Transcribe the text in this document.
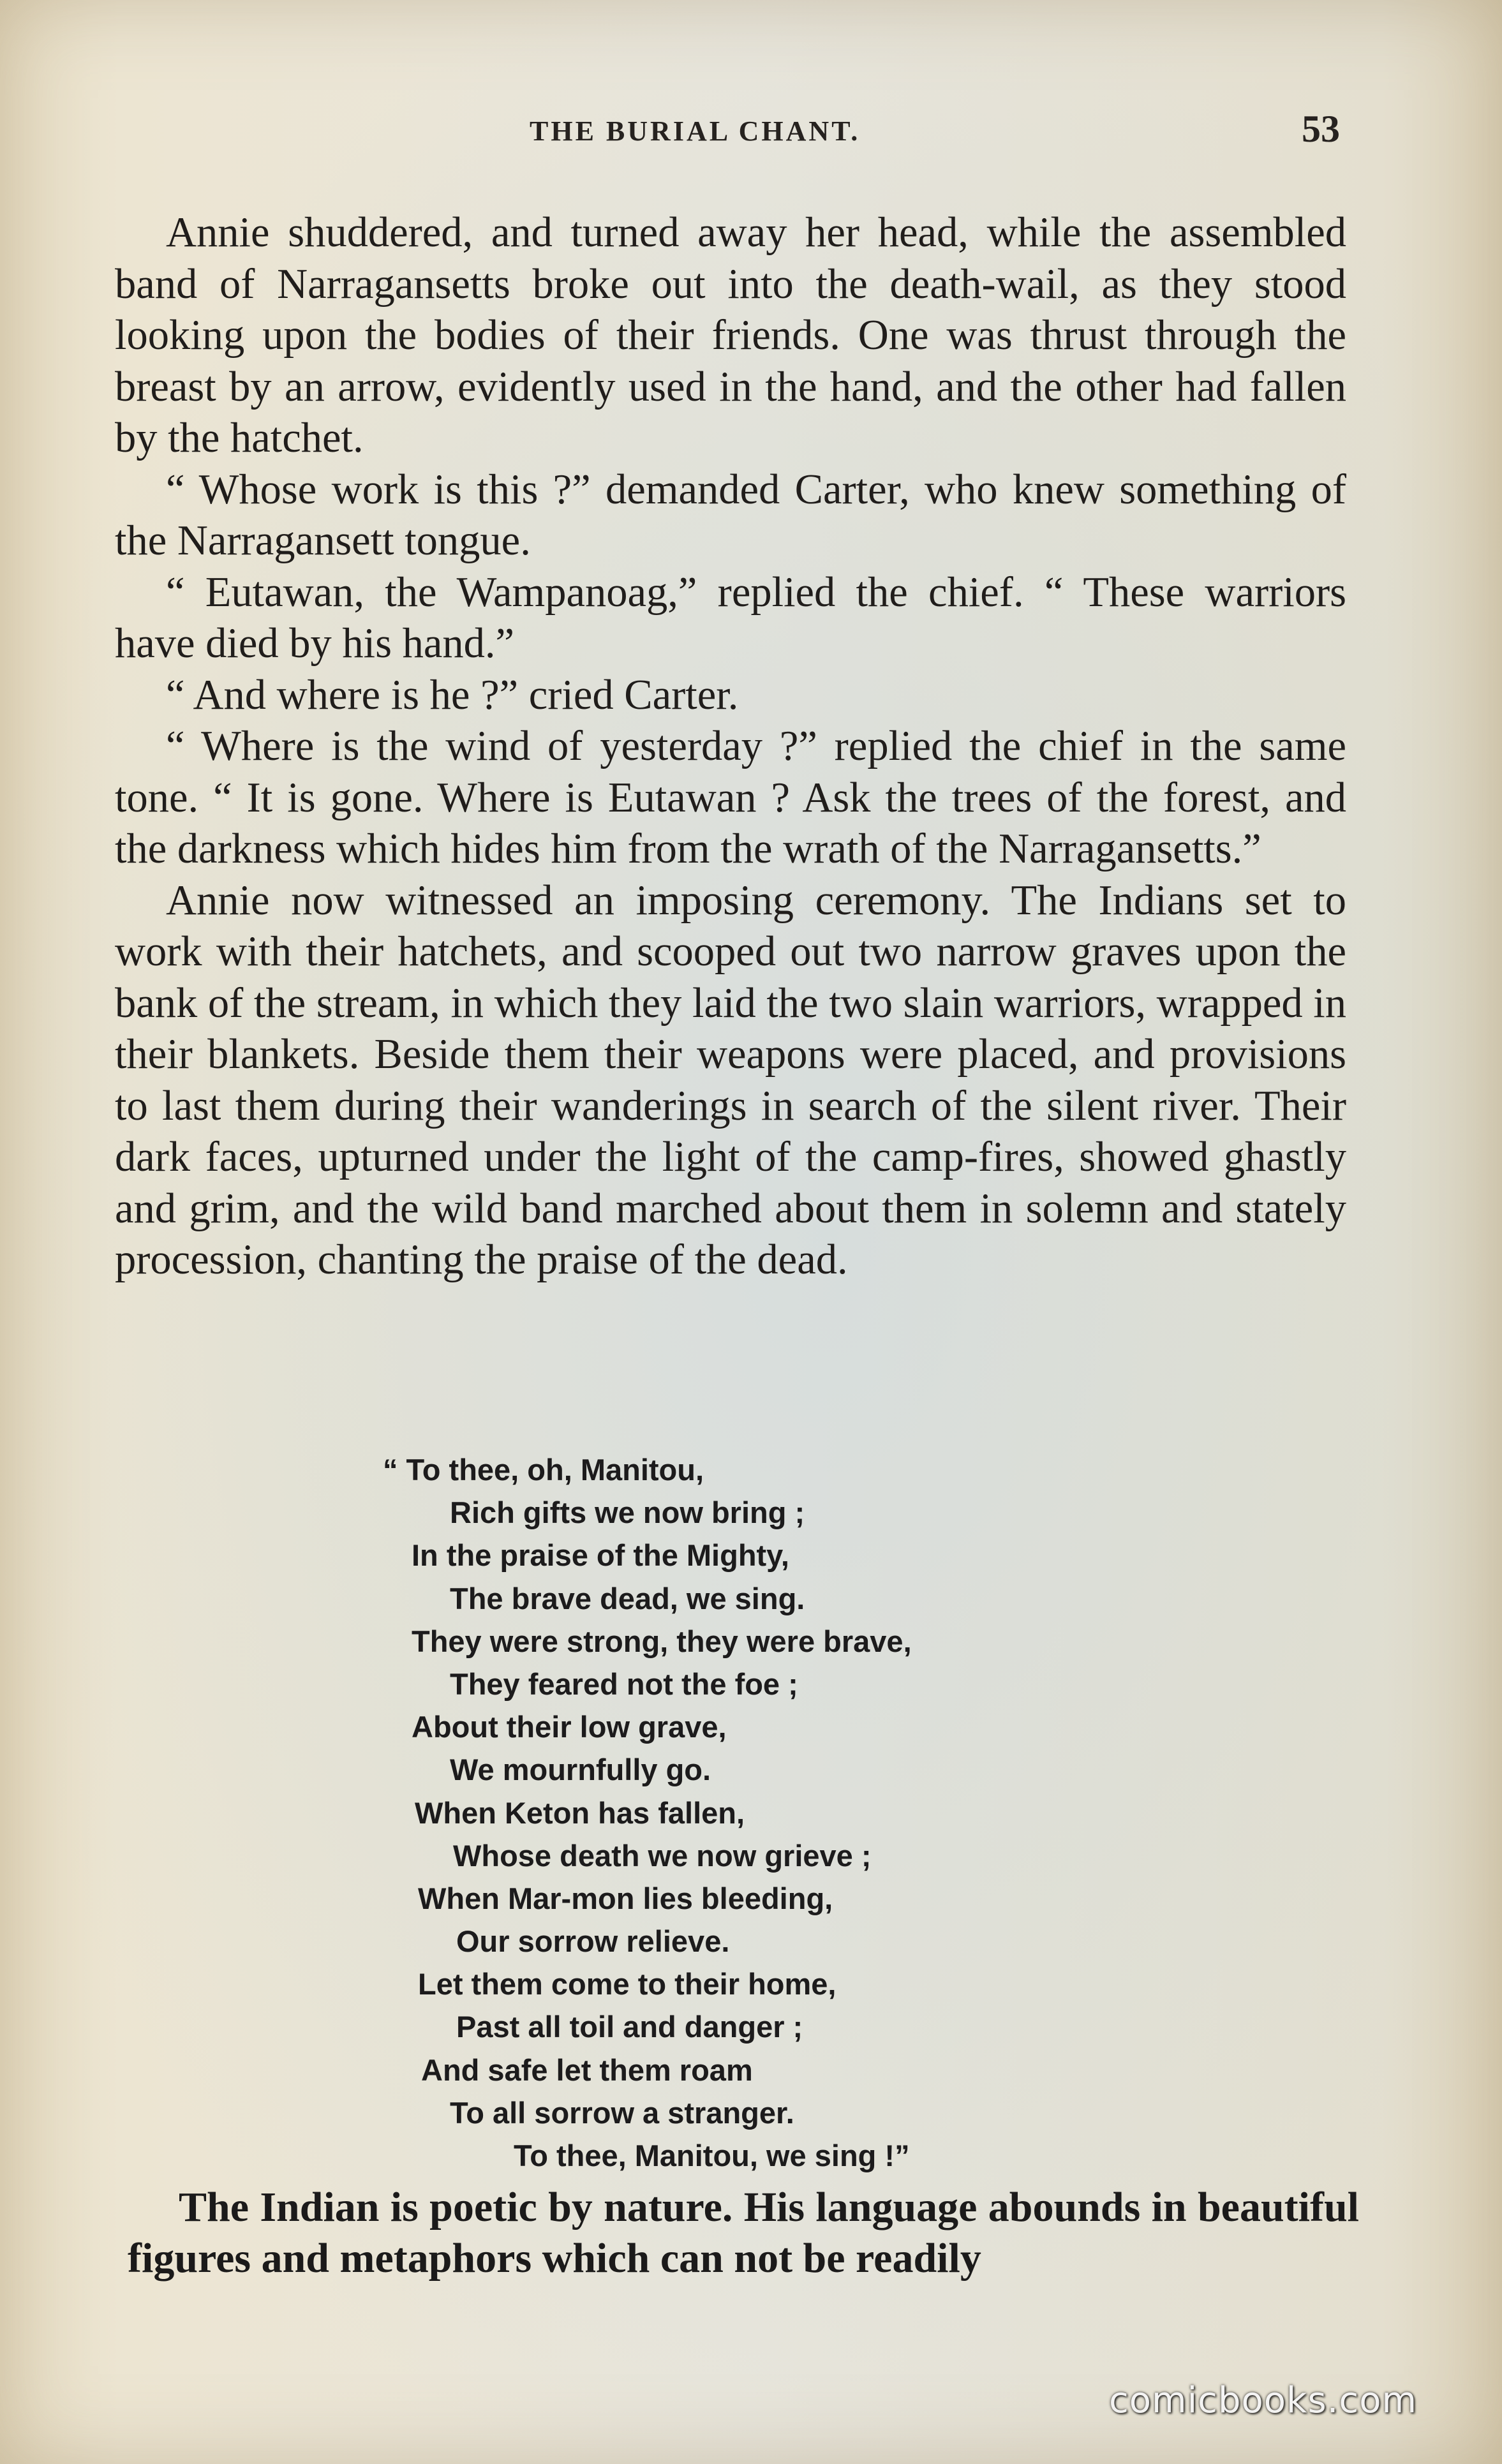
THE BURIAL CHANT.	53

Annie shuddered, and turned away her head, while the assembled band of Narragansetts broke out into the death-wail, as they stood looking upon the bodies of their friends. One was thrust through the breast by an arrow, evidently used in the hand, and the other had fallen by the hatchet.

“ Whose work is this ?” demanded Carter, who knew something of the Narragansett tongue.

“ Eutawan, the Wampanoag,” replied the chief. “ These warriors have died by his hand.”

“ And where is he ?” cried Carter.

“ Where is the wind of yesterday ?” replied the chief in the same tone. “ It is gone. Where is Eutawan ? Ask the trees of the forest, and the darkness which hides him from the wrath of the Narragansetts.”

Annie now witnessed an imposing ceremony. The Indians set to work with their hatchets, and scooped out two narrow graves upon the bank of the stream, in which they laid the two slain warriors, wrapped in their blankets. Beside them their weapons were placed, and provisions to last them during their wanderings in search of the silent river. Their dark faces, upturned under the light of the camp-fires, showed ghastly and grim, and the wild band marched about them in solemn and stately procession, chanting the praise of the dead.

“ To thee, oh, Manitou,
Rich gifts we now bring ;
In the praise of the Mighty,
The brave dead, we sing.
They were strong, they were brave,
They feared not the foe ;
About their low grave,
We mournfully go.
When Keton has fallen,
Whose death we now grieve ;
When Mar-mon lies bleeding,
Our sorrow relieve.
Let them come to their home,
Past all toil and danger ;
And safe let them roam
To all sorrow a stranger.
To thee, Manitou, we sing !”

The Indian is poetic by nature. His language abounds in beautiful figures and metaphors which can not be readily

comicbooks.com
